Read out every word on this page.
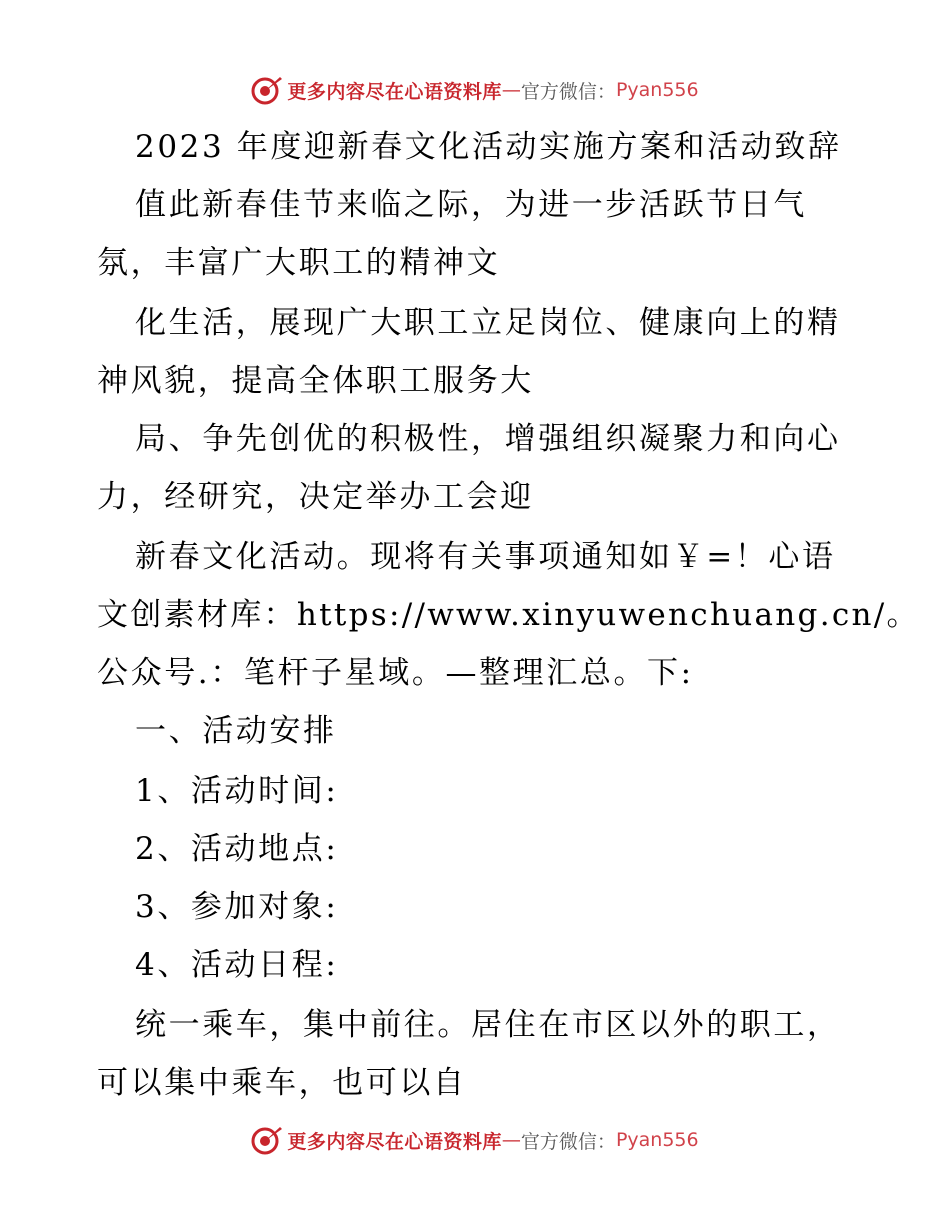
更多内容尽在心语资料库 — 官方微信： Pyan556
2023 年度迎新春文化活动实施方案和活动致辞
值此新春佳节来临之际，为进一步活跃节日气
氛，丰富广大职工的精神文
化生活，展现广大职工立足岗位、健康向上的精
神风貌，提高全体职工服务大
局、争先创优的积极性，增强组织凝聚力和向心
力，经研究，决定举办工会迎
新春文化活动。现将有关事项通知如￥=！心语
文创素材库：https://www.xinyuwenchuang.cn/。
公众号.：笔杆子星域。—整理汇总。下:
一、活动安排
1、活动时间:
2、活动地点:
3、参加对象:
4、活动日程:
统一乘车，集中前往。居住在市区以外的职工，
可以集中乘车，也可以自
更多内容尽在心语资料库 — 官方微信： Pyan556
